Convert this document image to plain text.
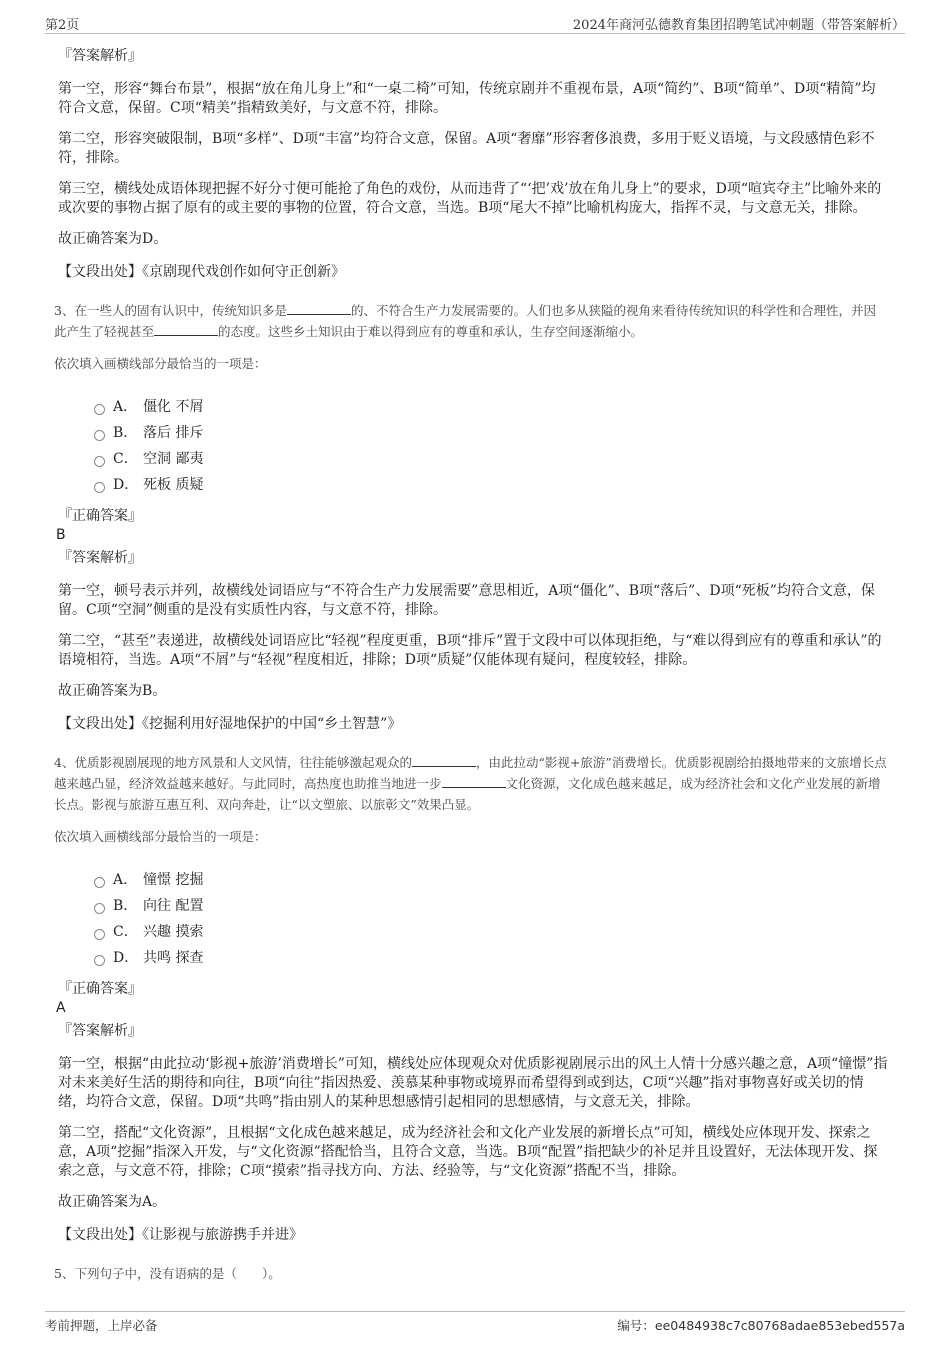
第2页	2024年商河弘德教育集团招聘笔试冲刺题（带答案解析）
『答案解析』

第一空，形容“舞台布景”，根据“放在角儿身上”和“一桌二椅”可知，传统京剧并不重视布景，A项“简约”、B项“简单”、D项“精简”均符合文意，保留。C项“精美”指精致美好，与文意不符，排除。

第二空，形容突破限制，B项“多样”、D项“丰富”均符合文意，保留。A项“奢靡”形容奢侈浪费，多用于贬义语境，与文段感情色彩不符，排除。

第三空，横线处成语体现把握不好分寸便可能抢了角色的戏份，从而违背了“‘把’戏’放在角儿身上”的要求，D项“喧宾夺主”比喻外来的或次要的事物占据了原有的或主要的事物的位置，符合文意，当选。B项“尾大不掉”比喻机构庞大，指挥不灵，与文意无关，排除。

故正确答案为D。

【文段出处】《京剧现代戏创作如何守正创新》

3、在一些人的固有认识中，传统知识多是	的、不符合生产力发展需要的。人们也多从狭隘的视角来看待传统知识的科学性和合理性，并因此产生了轻视甚至	的态度。这些乡土知识由于难以得到应有的尊重和承认，生存空间逐渐缩小。
依次填入画横线部分最恰当的一项是：
A． 僵化 不屑
B． 落后 排斥
C． 空洞 鄙夷
D． 死板 质疑
『正确答案』
B
『答案解析』

第一空，顿号表示并列，故横线处词语应与“不符合生产力发展需要”意思相近，A项“僵化”、B项“落后”、D项“死板”均符合文意，保留。C项“空洞”侧重的是没有实质性内容，与文意不符，排除。

第二空，“甚至”表递进，故横线处词语应比“轻视”程度更重，B项“排斥”置于文段中可以体现拒绝，与“难以得到应有的尊重和承认”的语境相符，当选。A项“不屑”与“轻视”程度相近，排除；D项“质疑”仅能体现有疑问，程度较轻，排除。

故正确答案为B。

【文段出处】《挖掘利用好湿地保护的中国“乡土智慧”》

4、优质影视剧展现的地方风景和人文风情，往往能够激起观众的	，由此拉动“影视+旅游”消费增长。优质影视剧给拍摄地带来的文旅增长点越来越凸显，经济效益越来越好。与此同时，高热度也助推当地进一步	文化资源，文化成色越来越足，成为经济社会和文化产业发展的新增长点。影视与旅游互惠互利、双向奔赴，让“以文塑旅、以旅彰文”效果凸显。
依次填入画横线部分最恰当的一项是：
A． 憧憬 挖掘
B． 向往 配置
C． 兴趣 摸索
D． 共鸣 探查
『正确答案』
A
『答案解析』

第一空，根据“由此拉动‘影视+旅游’消费增长”可知，横线处应体现观众对优质影视剧展示出的风土人情十分感兴趣之意，A项“憧憬”指对未来美好生活的期待和向往，B项“向往”指因热爱、羡慕某种事物或境界而希望得到或到达，C项“兴趣”指对事物喜好或关切的情绪，均符合文意，保留。D项“共鸣”指由别人的某种思想感情引起相同的思想感情，与文意无关，排除。

第二空，搭配“文化资源”，且根据“文化成色越来越足，成为经济社会和文化产业发展的新增长点”可知，横线处应体现开发、探索之意，A项“挖掘”指深入开发，与“文化资源”搭配恰当，且符合文意，当选。B项“配置”指把缺少的补足并且设置好，无法体现开发、探索之意，与文意不符，排除；C项“摸索”指寻找方向、方法、经验等，与“文化资源”搭配不当，排除。

故正确答案为A。

【文段出处】《让影视与旅游携手并进》

5、下列句子中，没有语病的是（　　）。
考前押题，上岸必备	编号：ee0484938c7c80768adae853ebed557a
